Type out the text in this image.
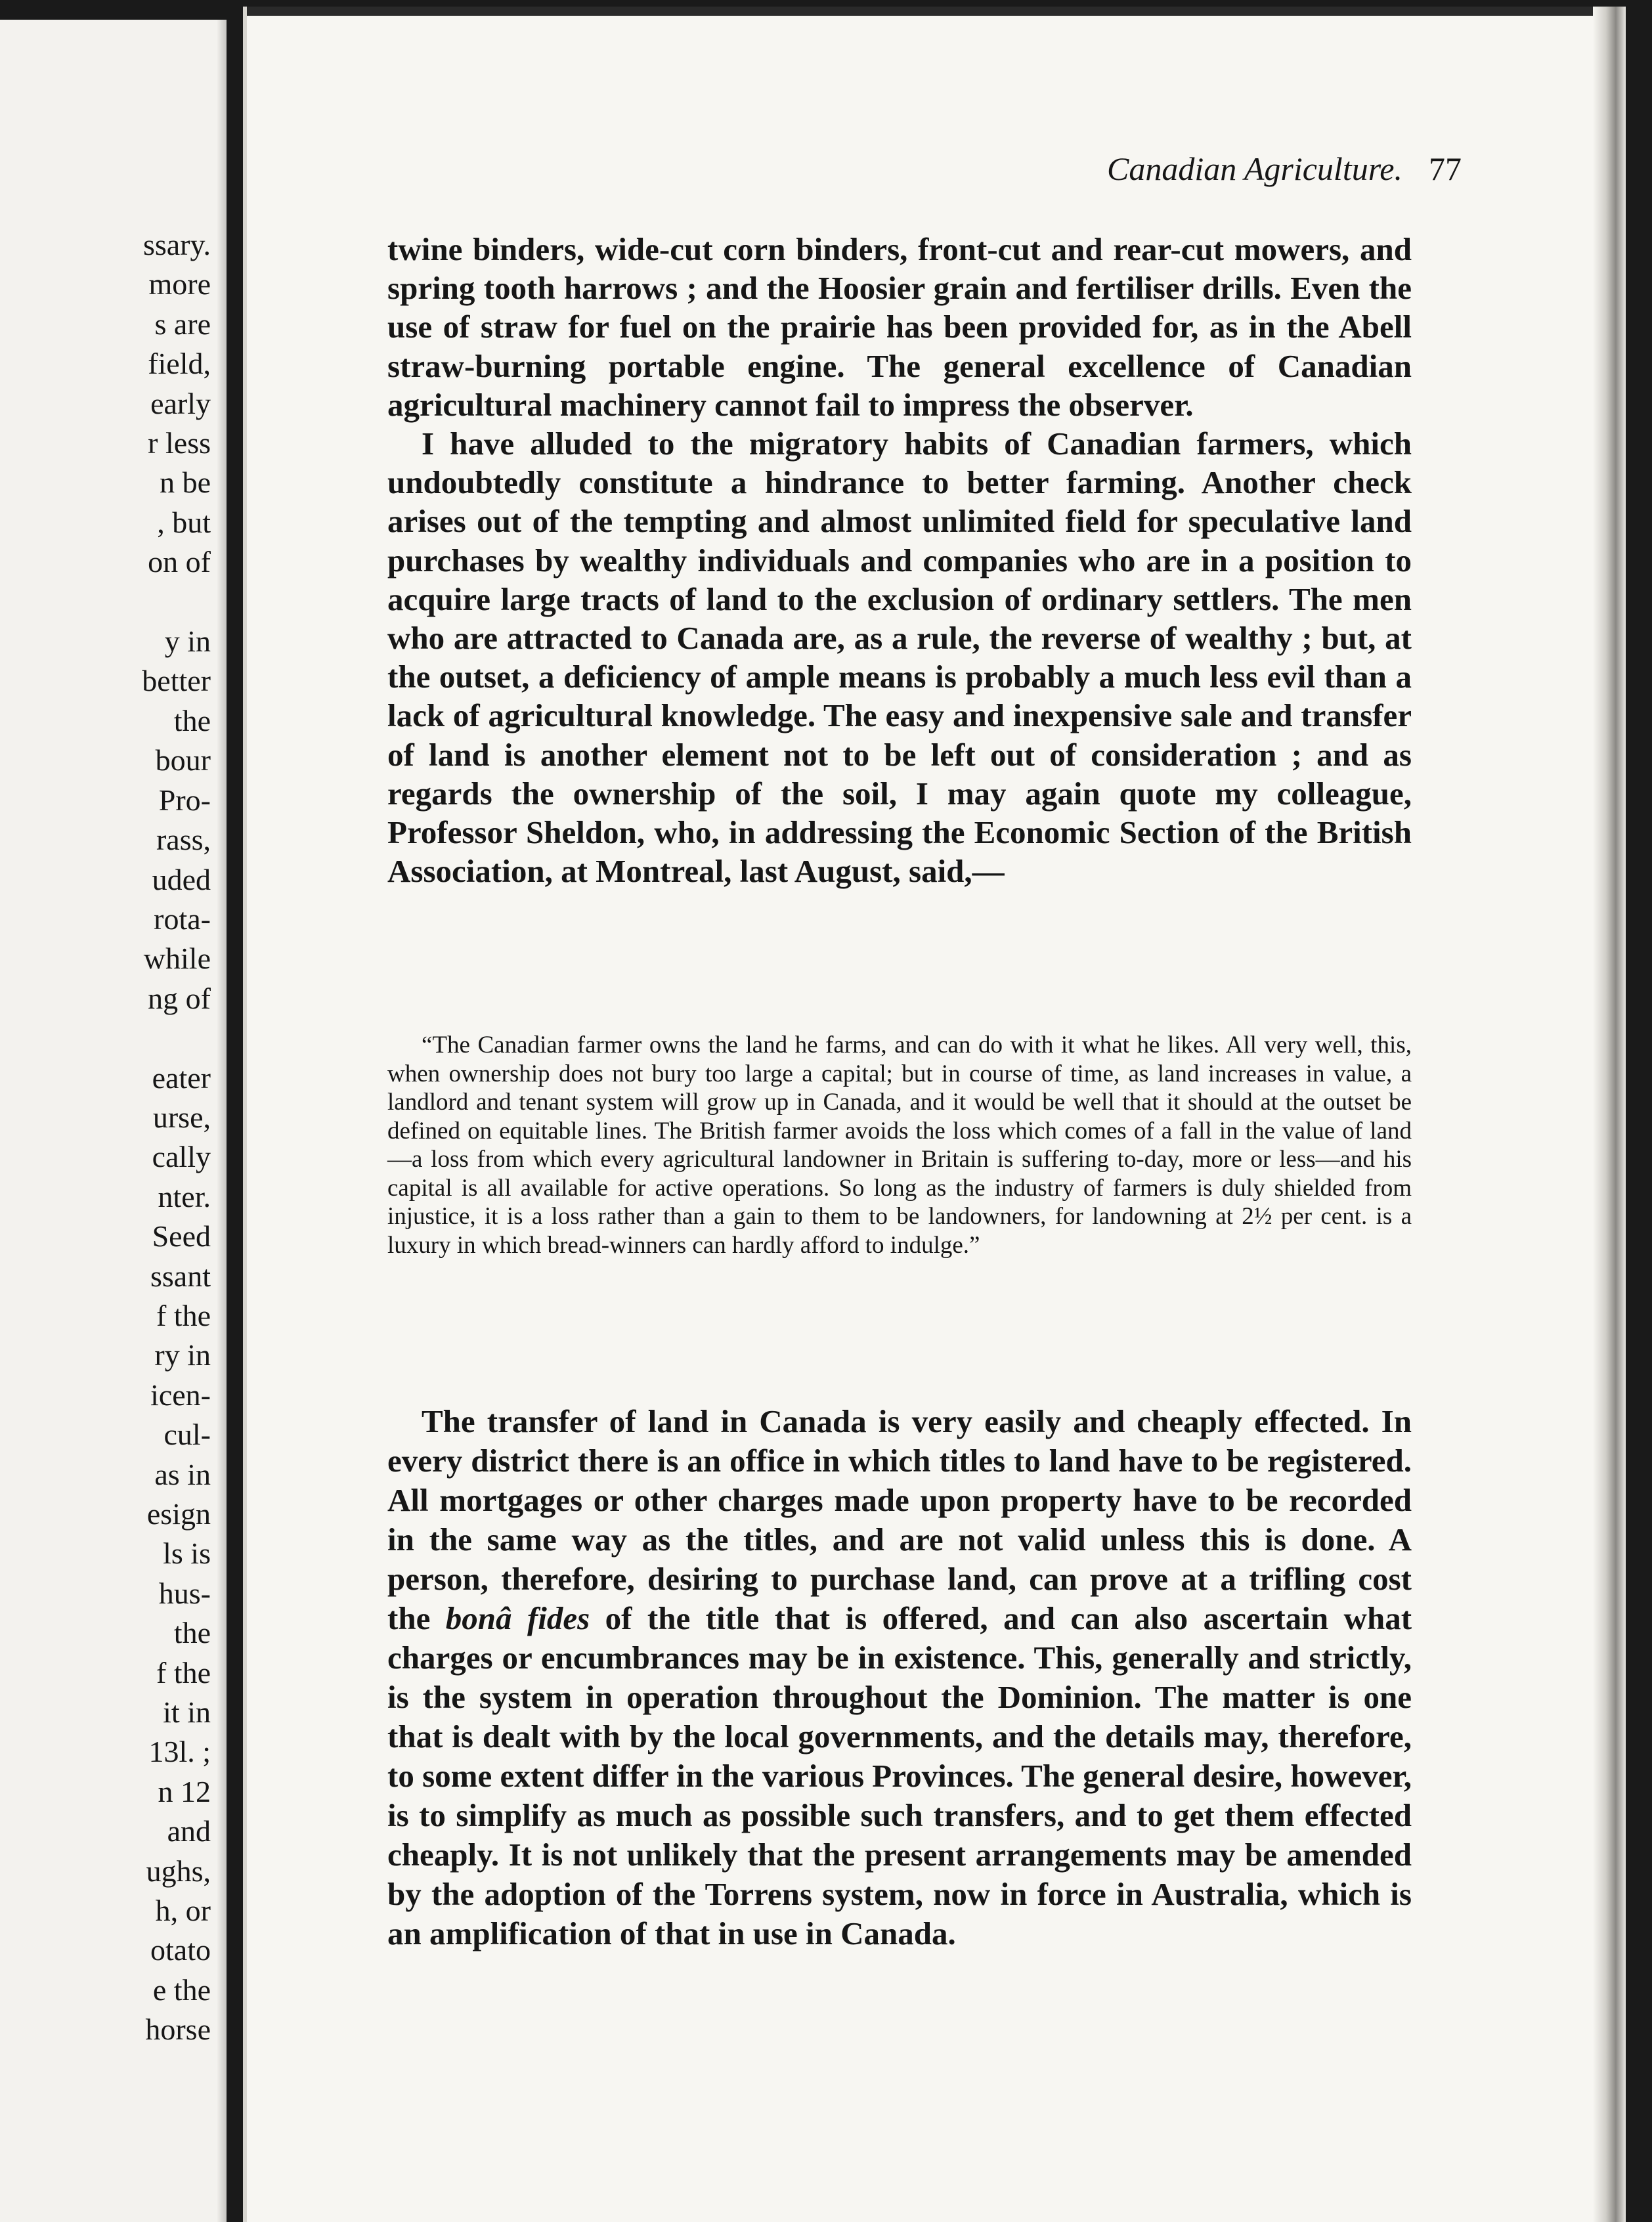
ssary.
more
s are
field,
early
r less
n be
, but
on of

y in
better
the
bour
Pro-
rass,
uded
rota-
while
ng of

eater
urse,
cally
nter.
Seed
ssant
f the
ry in
icen-
cul-
as in
esign
ls is
hus-
the
f the
it in
13l. ;
n 12
and
ughs,
h, or
otato
e the
horse
Canadian Agriculture. 77

twine binders, wide-cut corn binders, front-cut and rear-cut mowers, and spring tooth harrows ; and the Hoosier grain and fertiliser drills. Even the use of straw for fuel on the prairie has been provided for, as in the Abell straw-burning portable engine. The general excellence of Canadian agricultural machinery cannot fail to impress the observer.

I have alluded to the migratory habits of Canadian farmers, which undoubtedly constitute a hindrance to better farming. Another check arises out of the tempting and almost unlimited field for speculative land purchases by wealthy individuals and companies who are in a position to acquire large tracts of land to the exclusion of ordinary settlers. The men who are attracted to Canada are, as a rule, the reverse of wealthy ; but, at the outset, a deficiency of ample means is probably a much less evil than a lack of agricultural knowledge. The easy and inexpensive sale and transfer of land is another element not to be left out of consideration ; and as regards the ownership of the soil, I may again quote my colleague, Professor Sheldon, who, in addressing the Economic Section of the British Association, at Montreal, last August, said,—

“The Canadian farmer owns the land he farms, and can do with it what he likes. All very well, this, when ownership does not bury too large a capital; but in course of time, as land increases in value, a landlord and tenant system will grow up in Canada, and it would be well that it should at the outset be defined on equitable lines. The British farmer avoids the loss which comes of a fall in the value of land—a loss from which every agricultural landowner in Britain is suffering to-day, more or less—and his capital is all available for active operations. So long as the industry of farmers is duly shielded from injustice, it is a loss rather than a gain to them to be landowners, for landowning at 2½ per cent. is a luxury in which bread-winners can hardly afford to indulge.”

The transfer of land in Canada is very easily and cheaply effected. In every district there is an office in which titles to land have to be registered. All mortgages or other charges made upon property have to be recorded in the same way as the titles, and are not valid unless this is done. A person, therefore, desiring to purchase land, can prove at a trifling cost the bonâ fides of the title that is offered, and can also ascertain what charges or encumbrances may be in existence. This, generally and strictly, is the system in operation throughout the Dominion. The matter is one that is dealt with by the local governments, and the details may, therefore, to some extent differ in the various Provinces. The general desire, however, is to simplify as much as possible such transfers, and to get them effected cheaply. It is not unlikely that the present arrangements may be amended by the adoption of the Torrens system, now in force in Australia, which is an amplification of that in use in Canada.
